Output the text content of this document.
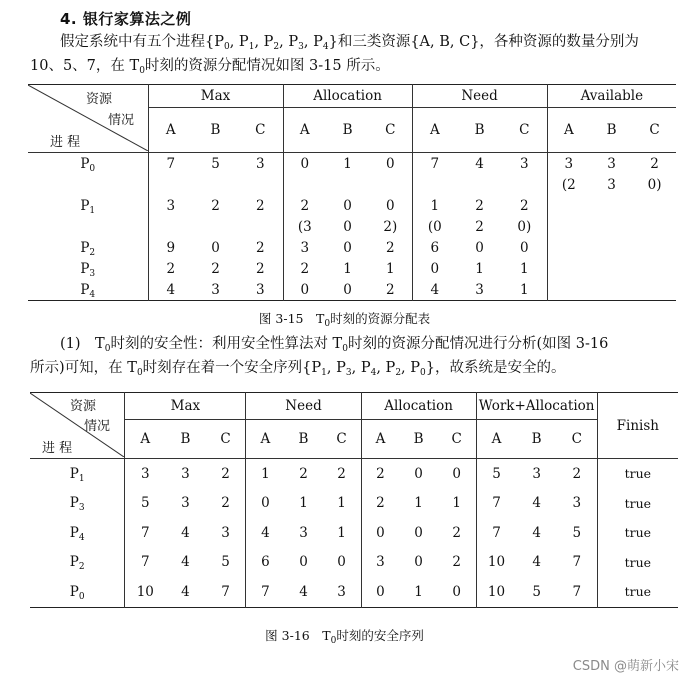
4. 银行家算法之例
假定系统中有五个进程{$P_0$, $P_1$, $P_2$, $P_3$, $P_4$}和三类资源{A, B, C}，各种资源的数量分别为
10、5、7，在 $T_0$时刻的资源分配情况如图 3-15 所示。
资源
情况
进 程	Max			Allocation			Need			Available		
	A	B	C	A	B	C	A	B	C	A	B	C
$P_0$	7	5	3	0	1	0	7	4	3	3	3	2
										(2	3	0)
$P_1$	3	2	2	2	0	0	1	2	2			
				(3	0	2)	(0	2	0)			
$P_2$	9	0	2	3	0	2	6	0	0			
$P_3$	2	2	2	2	1	1	0	1	1			
$P_4$	4	3	3	0	0	2	4	3	1			
图 3-15　$T_0$时刻的资源分配表
(1)　$T_0$时刻的安全性：利用安全性算法对 $T_0$时刻的资源分配情况进行分析(如图 3-16
所示)可知，在 $T_0$时刻存在着一个安全序列{$P_1$, $P_3$, $P_4$, $P_2$, $P_0$}，故系统是安全的。
资源
情况
进 程	Max			Need			Allocation			Work+Allocation			Finish
	A	B	C	A	B	C	A	B	C	A	B	C	
$P_1$	3	3	2	1	2	2	2	0	0	5	3	2	true
$P_3$	5	3	2	0	1	1	2	1	1	7	4	3	true
$P_4$	7	4	3	4	3	1	0	0	2	7	4	5	true
$P_2$	7	4	5	6	0	0	3	0	2	10	4	7	true
$P_0$	10	4	7	7	4	3	0	1	0	10	5	7	true
图 3-16　$T_0$时刻的安全序列
CSDN @萌新小宋
